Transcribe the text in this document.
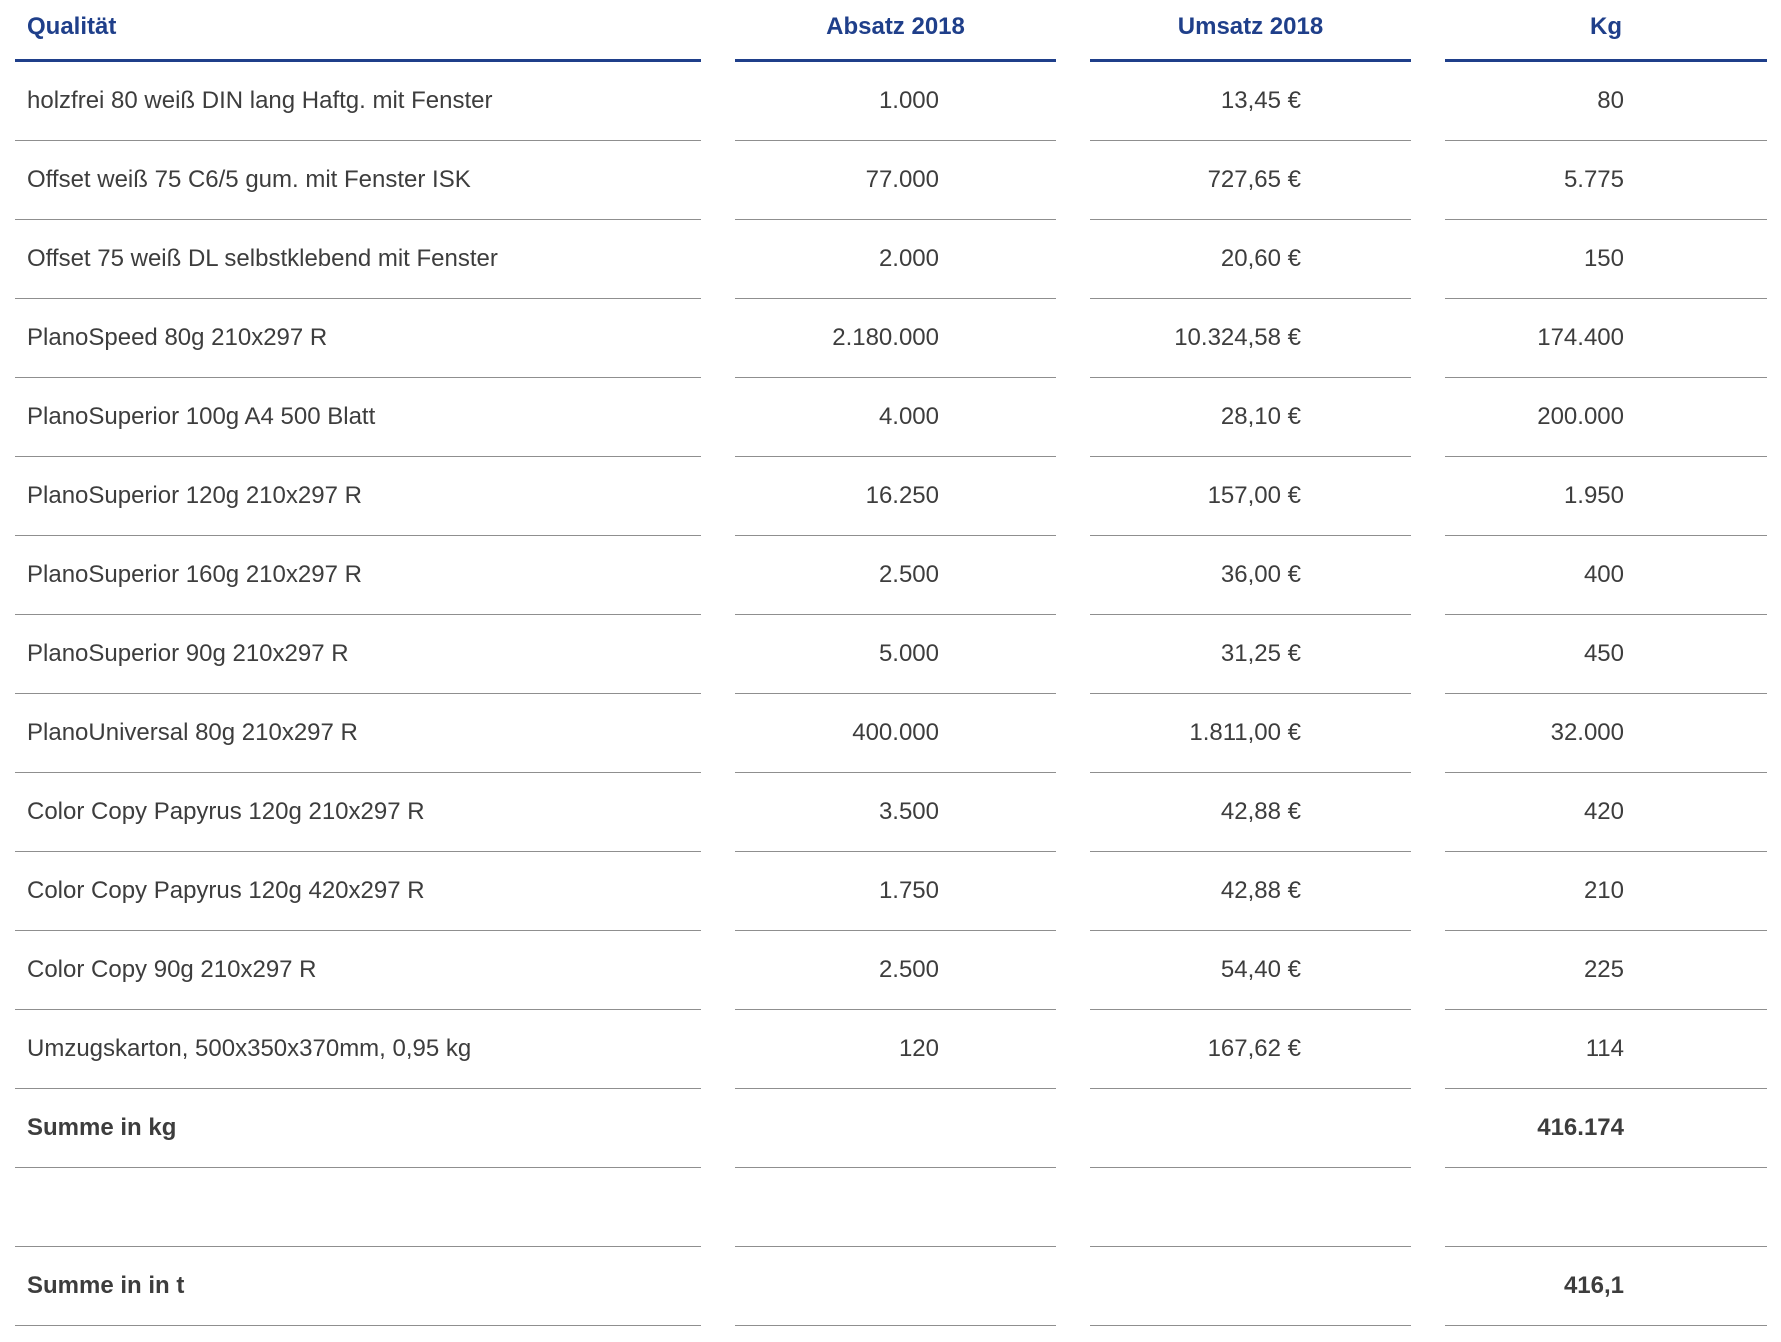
Qualität
holzfrei 80 weiß DIN lang Haftg. mit Fenster
Offset weiß 75 C6/5 gum. mit Fenster ISK
Offset 75 weiß DL selbstklebend mit Fenster
PlanoSpeed 80g 210x297 R
PlanoSuperior 100g A4 500 Blatt
PlanoSuperior 120g 210x297 R
PlanoSuperior 160g 210x297 R
PlanoSuperior 90g 210x297 R
PlanoUniversal 80g 210x297 R
Color Copy Papyrus 120g 210x297 R
Color Copy Papyrus 120g 420x297 R
Color Copy 90g 210x297 R
Umzugskarton, 500x350x370mm, 0,95 kg
Summe in kg
Summe in in t
Absatz 2018
1.000
77.000
2.000
2.180.000
4.000
16.250
2.500
5.000
400.000
3.500
1.750
2.500
120
Umsatz 2018
13,45 €
727,65 €
20,60 €
10.324,58 €
28,10 €
157,00 €
36,00 €
31,25 €
1.811,00 €
42,88 €
42,88 €
54,40 €
167,62 €
Kg
80
5.775
150
174.400
200.000
1.950
400
450
32.000
420
210
225
114
416.174
416,1
